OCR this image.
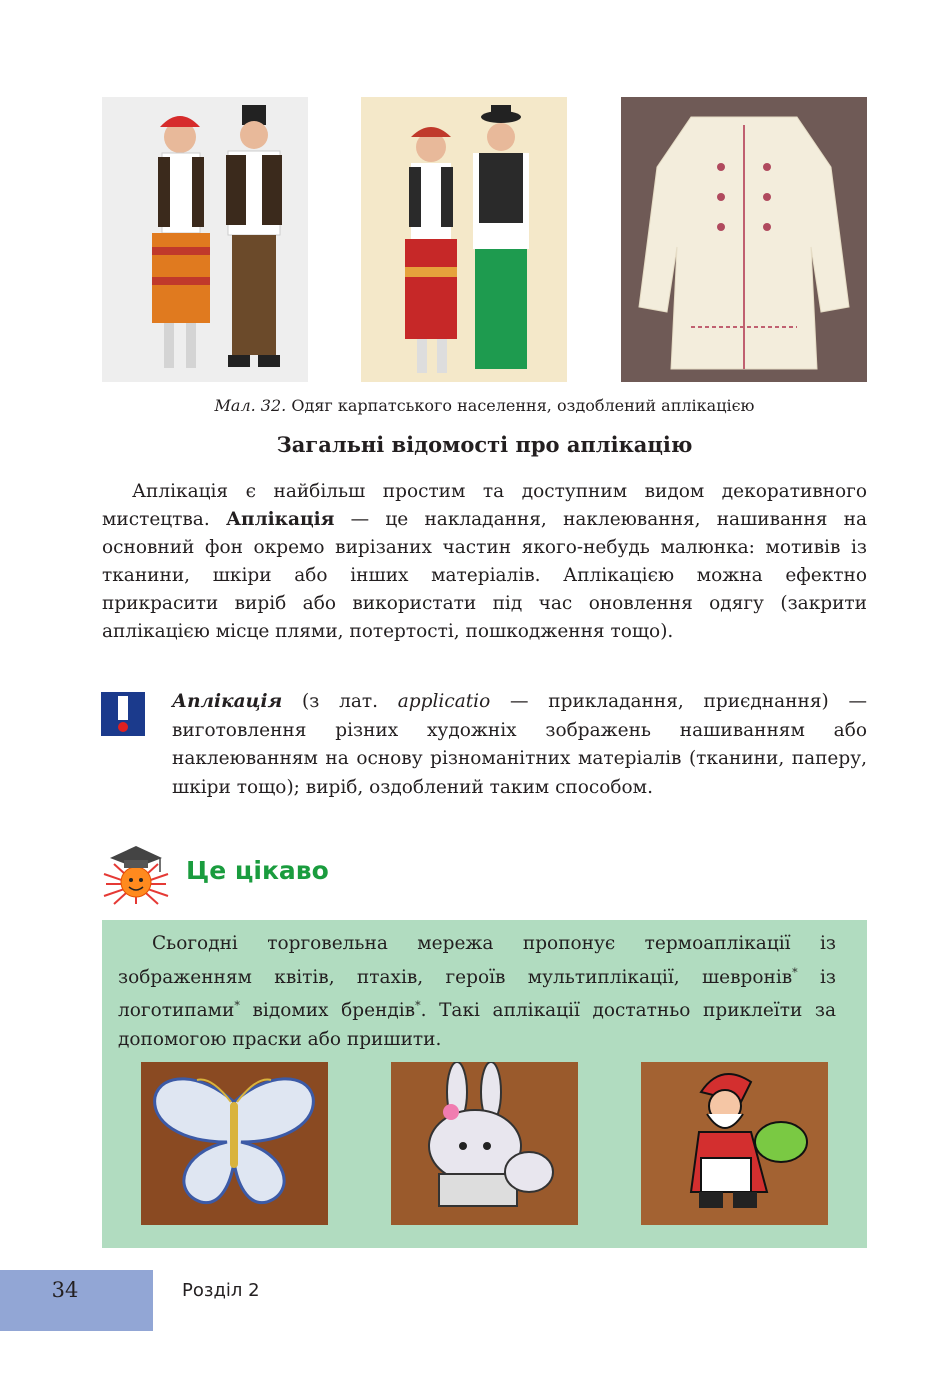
Мал. 32. Одяг карпатського населення, оздоблений аплікацією
Загальні відомості про аплікацію

Аплікація є найбільш простим та доступним видом декоративного мистецтва. Аплікація — це накладання, наклеювання, нашивання на основний фон окремо вирізаних частин якого-небудь малюнка: мотивів із тканини, шкіри або інших матеріалів. Аплікацією можна ефектно прикрасити виріб або використати під час оновлення одягу (закрити аплікацією місце плями, потертості, пошкодження тощо).

Аплікація (з лат. applicatio — прикладання, приєднання) — виготовлення різних художніх зображень нашиванням або наклеюванням на основу різноманітних матеріалів (тканини, паперу, шкіри тощо); виріб, оздоблений таким способом.

Це цікаво

Сьогодні торговельна мережа пропонує термоаплікації із зображенням квітів, птахів, героїв мультиплікації, шевронів* із логотипами* відомих брендів*. Такі аплікації достатньо приклеїти за допомогою праски або пришити.

34	Розділ 2
